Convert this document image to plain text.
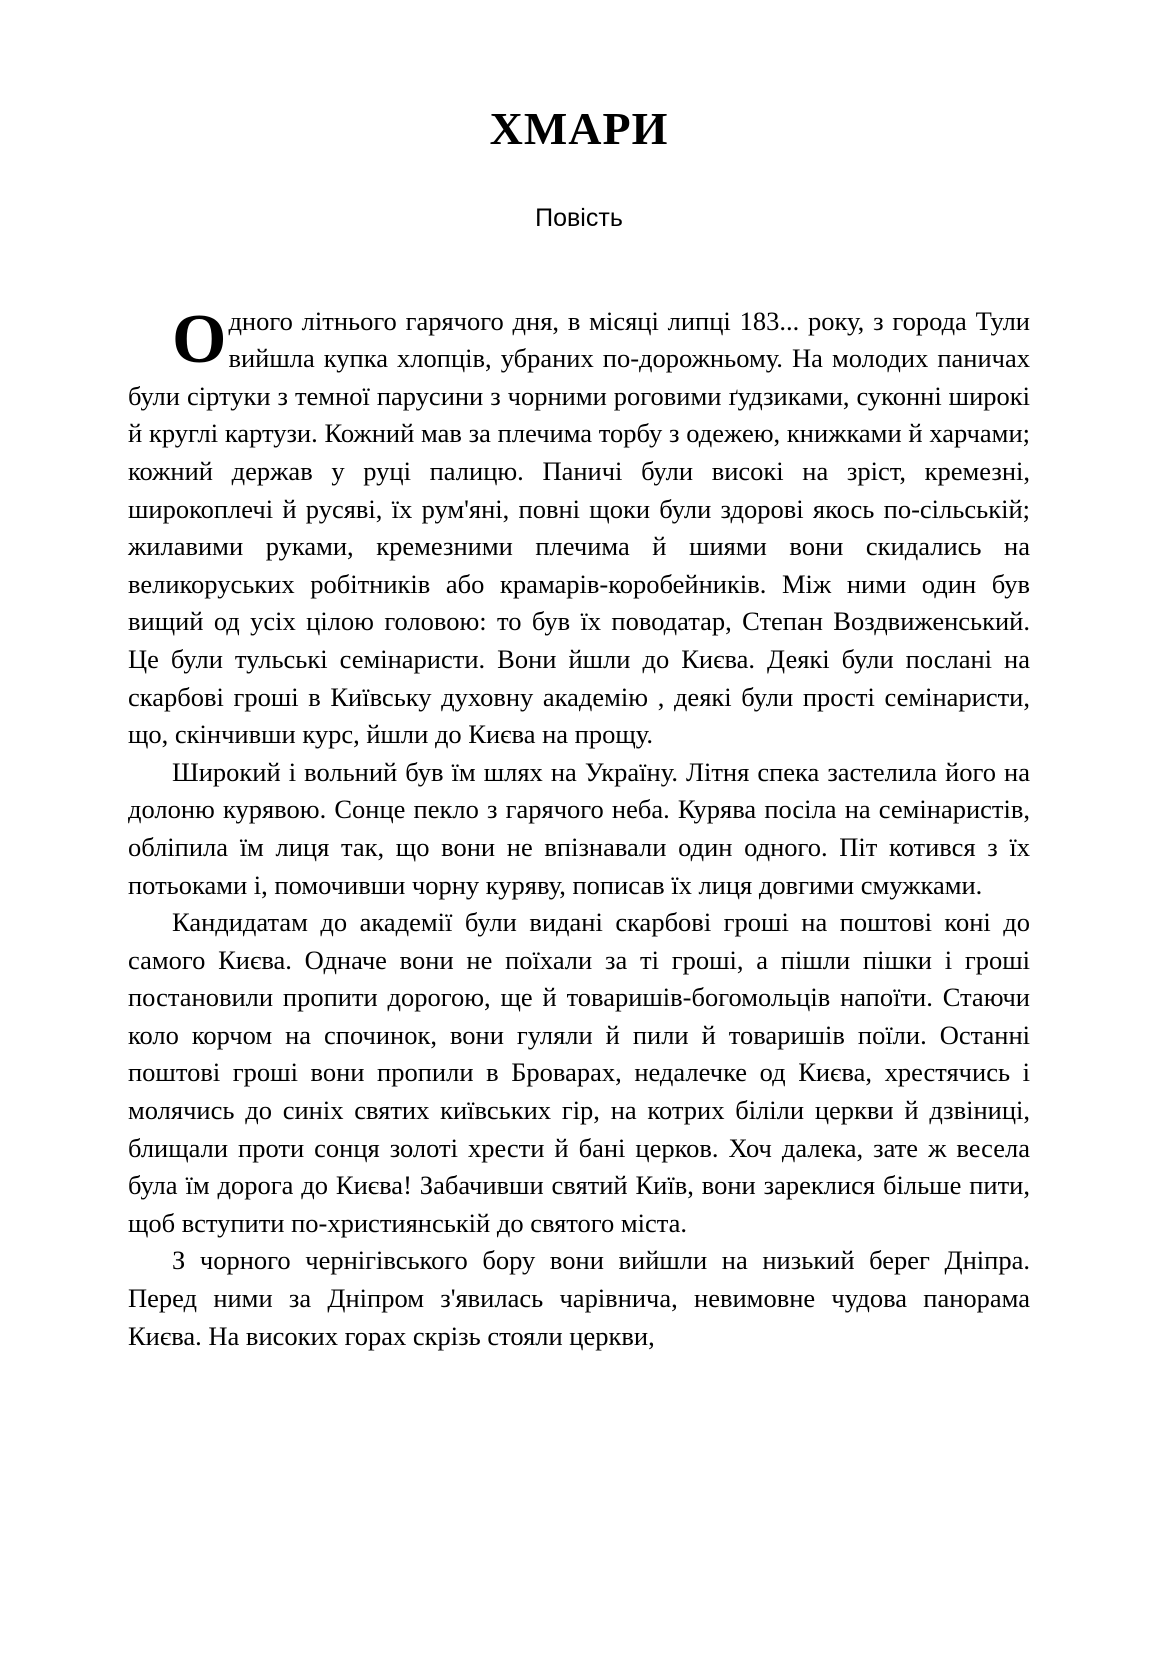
ХМАРИ
Повість

Одного літнього гарячого дня, в місяці липці 183... року, з города Тули вийшла купка хлопців, убраних по-дорожньому. На молодих паничах були сіртуки з темної парусини з чорними роговими ґудзиками, суконні широкі й круглі картузи. Кожний мав за плечима торбу з одежею, книжками й харчами; кожний держав у руці палицю. Паничі були високі на зріст, кремезні, широкоплечі й русяві, їх рум'яні, повні щоки були здорові якось по-сільській; жилавими руками, кремезними плечима й шиями вони скидались на великоруських робітників або крамарів-коробейників. Між ними один був вищий од усіх цілою головою: то був їх поводатар, Степан Воздвиженський. Це були тульські семінаристи. Вони йшли до Києва. Деякі були послані на скарбові гроші в Київську духовну академію , деякі були прості семінаристи, що, скінчивши курс, йшли до Києва на прощу.

Широкий і вольний був їм шлях на Україну. Літня спека застелила його на долоню курявою. Сонце пекло з гарячого неба. Курява посіла на семінаристів, обліпила їм лиця так, що вони не впізнавали один одного. Піт котився з їх потьоками і, помочивши чорну куряву, пописав їх лиця довгими смужками.

Кандидатам до академії були видані скарбові гроші на поштові коні до самого Києва. Одначе вони не поїхали за ті гроші, а пішли пішки і гроші постановили пропити дорогою, ще й товаришів-богомольців напоїти. Стаючи коло корчом на спочинок, вони гуляли й пили й товаришів поїли. Останні поштові гроші вони пропили в Броварах, недалечке од Києва, хрестячись і молячись до синіх святих київських гір, на котрих біліли церкви й дзвіниці, блищали проти сонця золоті хрести й бані церков. Хоч далека, зате ж весела була їм дорога до Києва! Забачивши святий Київ, вони зареклися більше пити, щоб вступити по-християнській до святого міста.

З чорного чернігівського бору вони вийшли на низький берег Дніпра. Перед ними за Дніпром з'явилась чарівнича, невимовне чудова панорама Києва. На високих горах скрізь стояли церкви,
